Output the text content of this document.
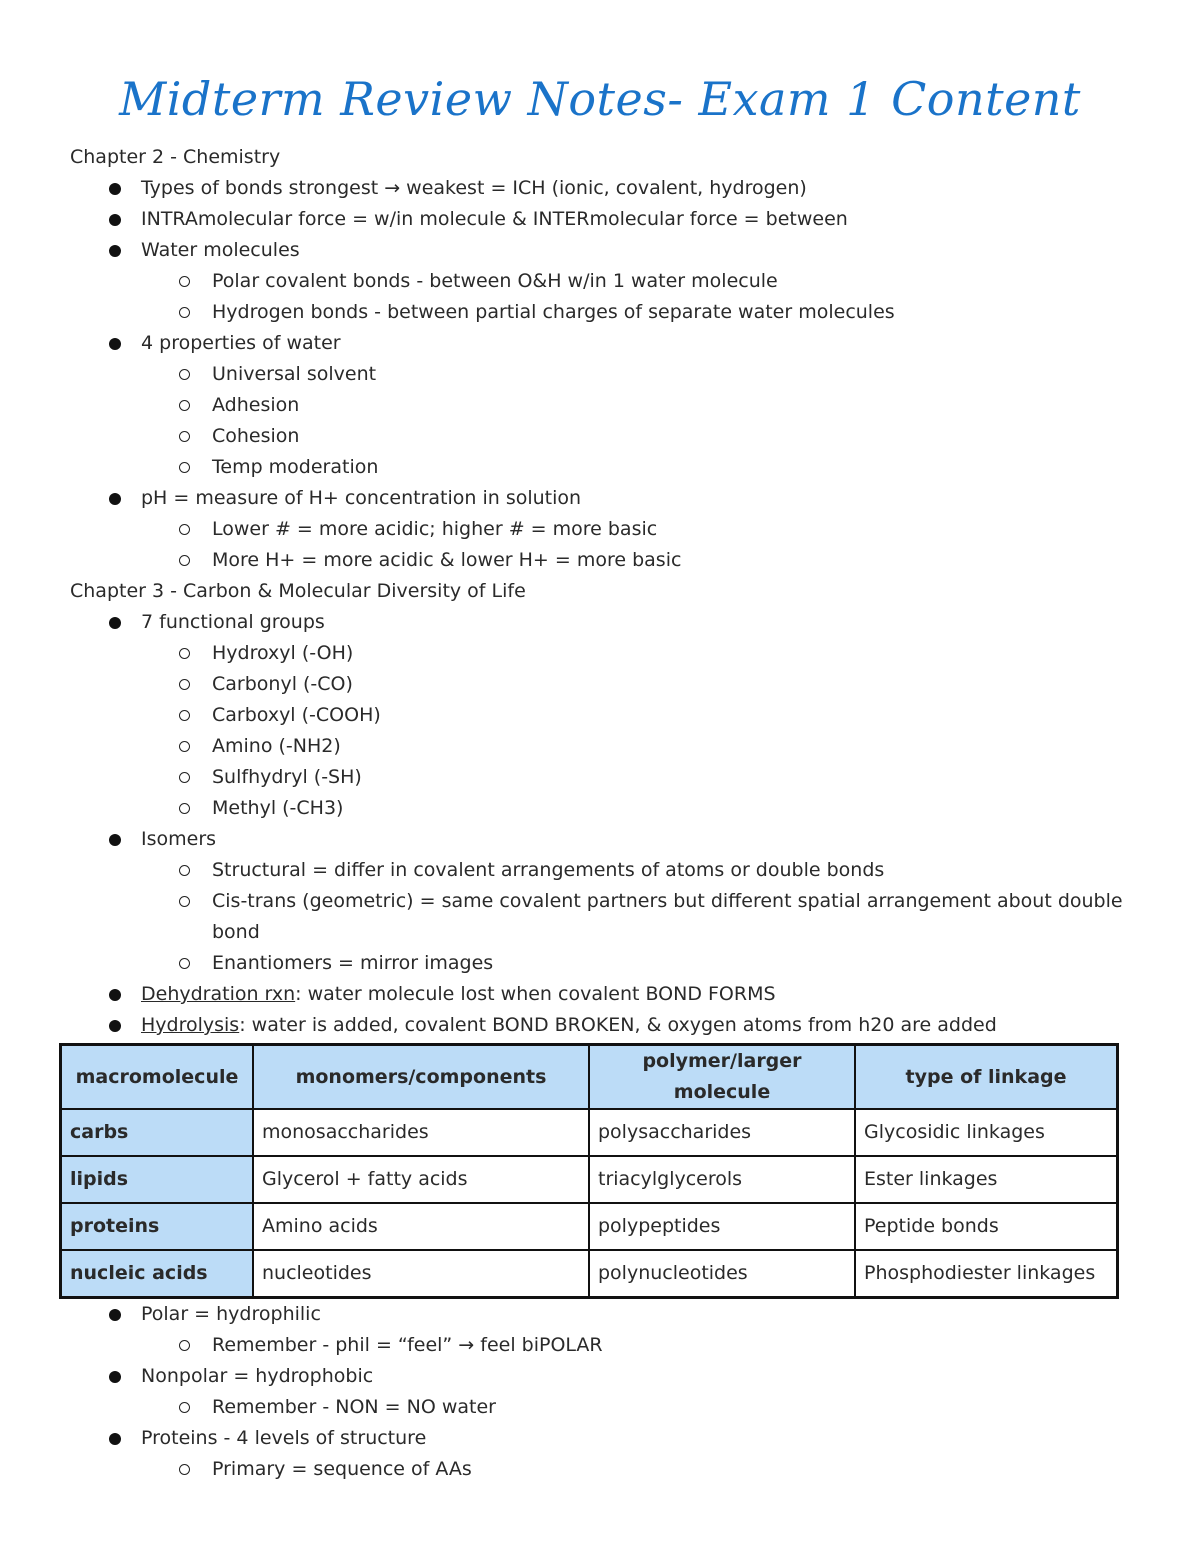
Midterm Review Notes- Exam 1 Content
Chapter 2 - Chemistry
Types of bonds strongest → weakest = ICH (ionic, covalent, hydrogen)
INTRAmolecular force = w/in molecule & INTERmolecular force = between
Water molecules
Polar covalent bonds - between O&H w/in 1 water molecule
Hydrogen bonds - between partial charges of separate water molecules
4 properties of water
Universal solvent
Adhesion
Cohesion
Temp moderation
pH = measure of H+ concentration in solution
Lower # = more acidic; higher # = more basic
More H+ = more acidic & lower H+ = more basic
Chapter 3 - Carbon & Molecular Diversity of Life
7 functional groups
Hydroxyl (-OH)
Carbonyl (-CO)
Carboxyl (-COOH)
Amino (-NH2)
Sulfhydryl (-SH)
Methyl (-CH3)
Isomers
Structural = differ in covalent arrangements of atoms or double bonds
Cis-trans (geometric) = same covalent partners but different spatial arrangement about double bond
Enantiomers = mirror images
Dehydration rxn: water molecule lost when covalent BOND FORMS
Hydrolysis: water is added, covalent BOND BROKEN, & oxygen atoms from h20 are added
macromolecule	monomers/components	polymer/larger molecule	type of linkage
carbs	monosaccharides	polysaccharides	Glycosidic linkages
lipids	Glycerol + fatty acids	triacylglycerols	Ester linkages
proteins	Amino acids	polypeptides	Peptide bonds
nucleic acids	nucleotides	polynucleotides	Phosphodiester linkages
Polar = hydrophilic
Remember - phil = “feel” → feel biPOLAR
Nonpolar = hydrophobic
Remember - NON = NO water
Proteins - 4 levels of structure
Primary = sequence of AAs
